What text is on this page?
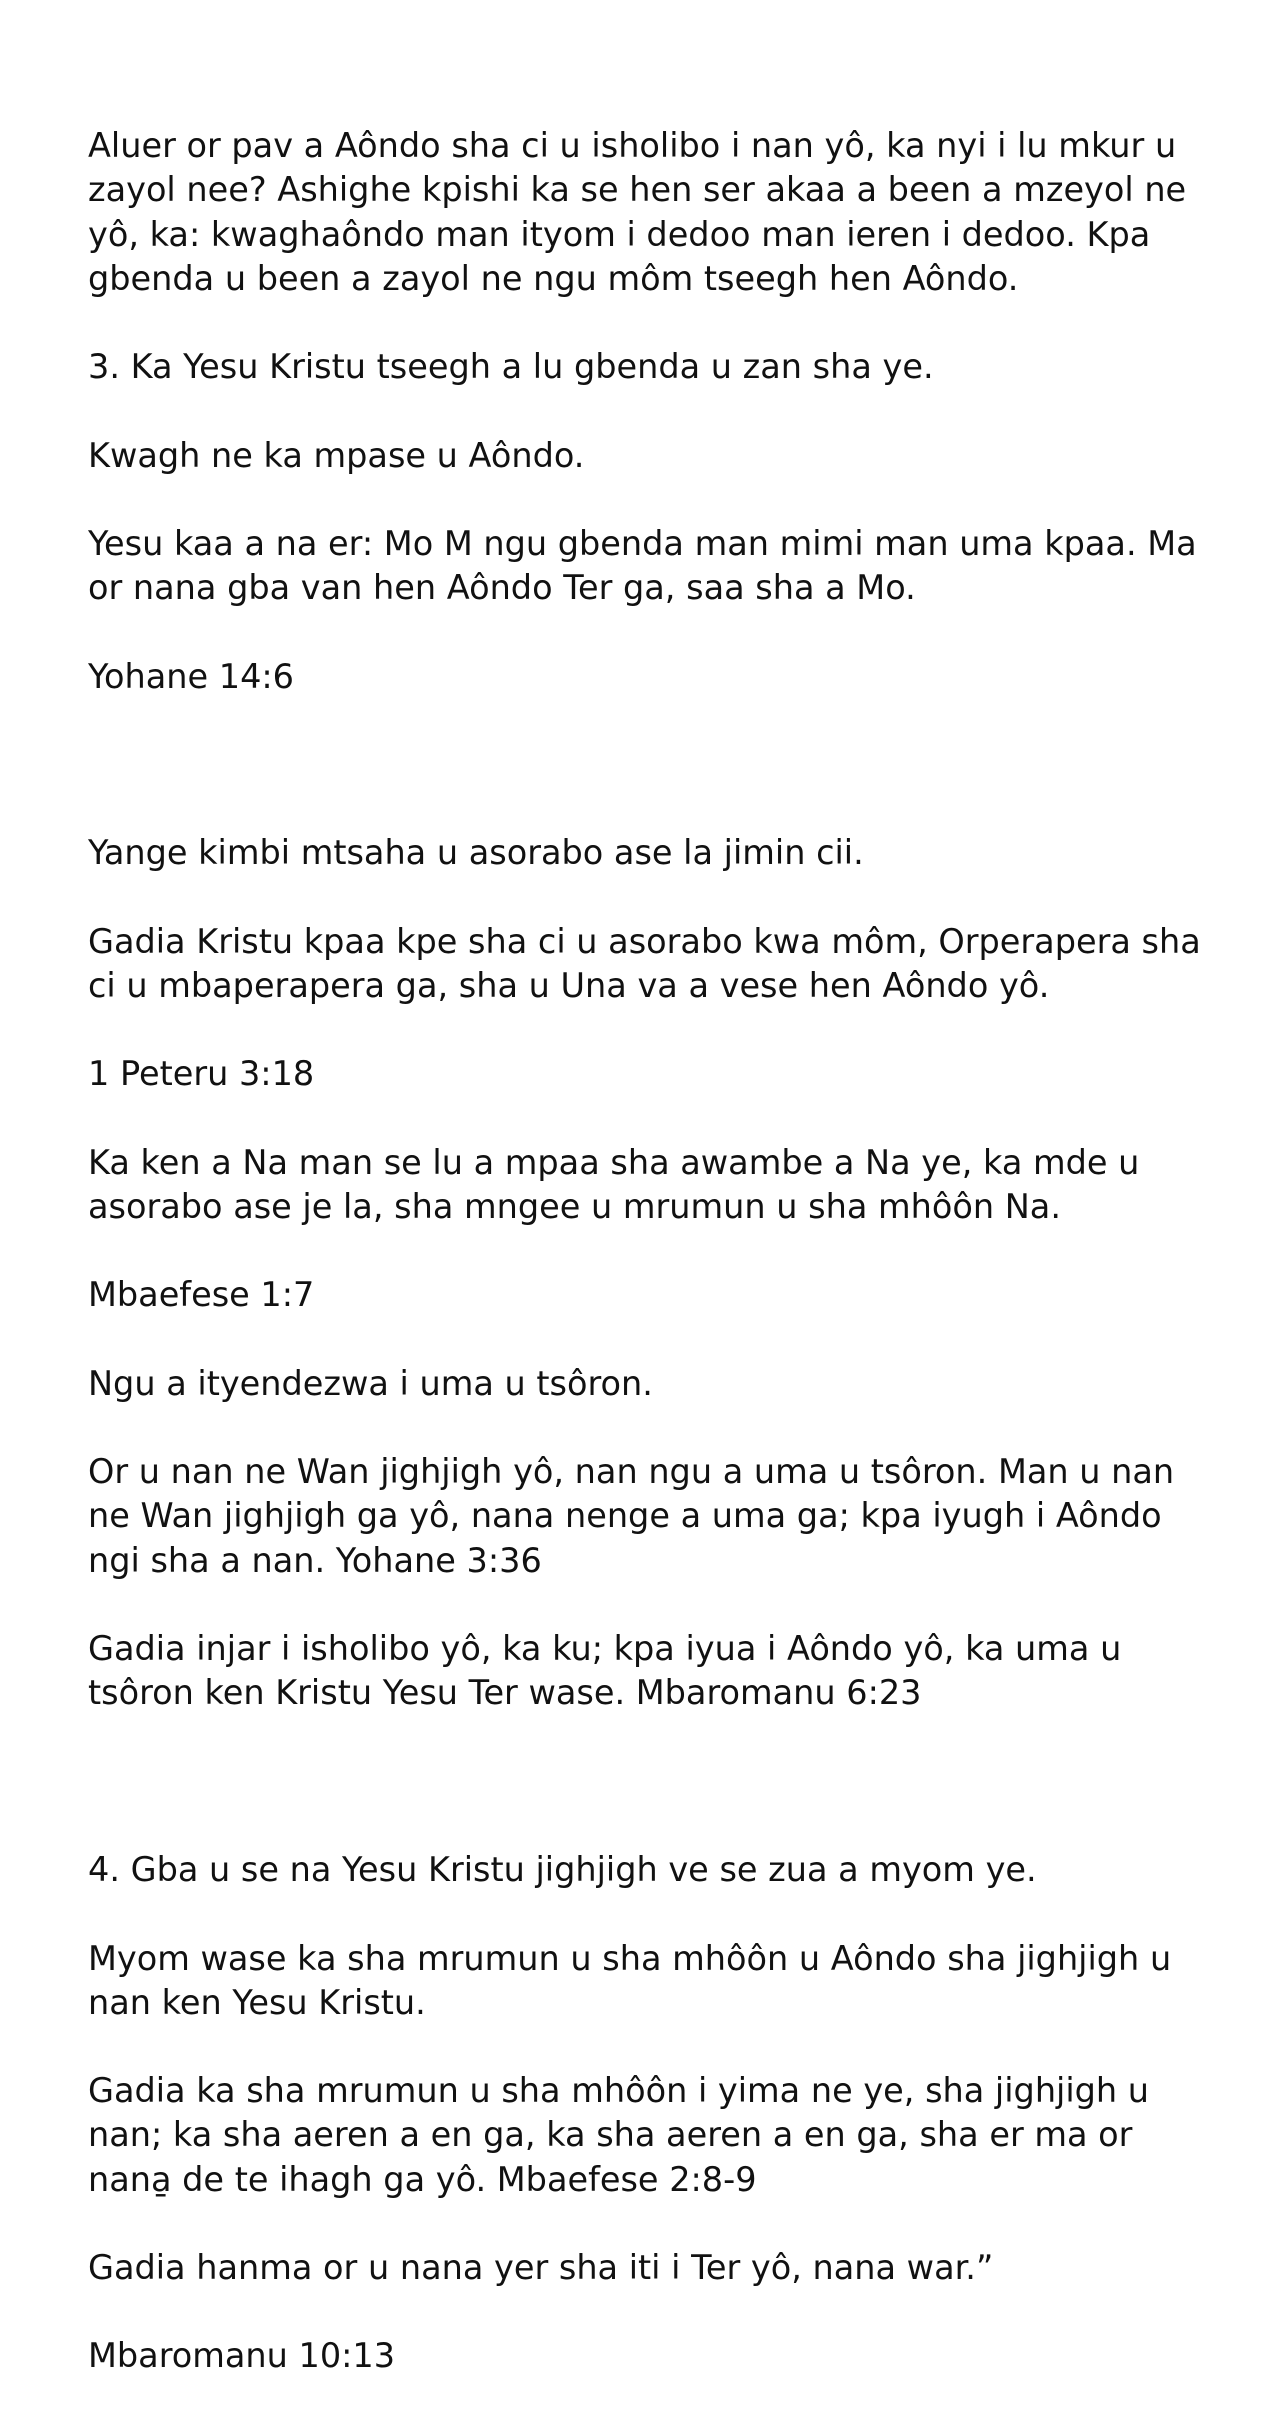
Aluer or pav a Aôndo sha ci u isholibo i nan yô, ka nyi i lu mkur u zayol nee? Ashighe kpishi ka se hen ser akaa a been a mzeyol ne yô, ka: kwaghaôndo man ityom i dedoo man ieren i dedoo. Kpa gbenda u been a zayol ne ngu môm tseegh hen Aôndo.

3. Ka Yesu Kristu tseegh a lu gbenda u zan sha ye.

Kwagh ne ka mpase u Aôndo.

Yesu kaa a na er: Mo M ngu gbenda man mimi man uma kpaa. Ma or nana gba van hen Aôndo Ter ga, saa sha a Mo.

Yohane 14:6

Yange kimbi mtsaha u asorabo ase la jimin cii.

Gadia Kristu kpaa kpe sha ci u asorabo kwa môm, Orperapera sha ci u mbaperapera ga, sha u Una va a vese hen Aôndo yô.

1 Peteru 3:18

Ka ken a Na man se lu a mpaa sha awambe a Na ye, ka mde u asorabo ase je la, sha mngee u mrumun u sha mhôôn Na.

Mbaefese 1:7

Ngu a ityendezwa i uma u tsôron.

Or u nan ne Wan jighjigh yô, nan ngu a uma u tsôron. Man u nan ne Wan jighjigh ga yô, nana nenge a uma ga; kpa iyugh i Aôndo ngi sha a nan. Yohane 3:36

Gadia injar i isholibo yô, ka ku; kpa iyua i Aôndo yô, ka uma u tsôron ken Kristu Yesu Ter wase. Mbaromanu 6:23

4. Gba u se na Yesu Kristu jighjigh ve se zua a myom ye.

Myom wase ka sha mrumun u sha mhôôn u Aôndo sha jighjigh u nan ken Yesu Kristu.

Gadia ka sha mrumun u sha mhôôn i yima ne ye, sha jighjigh u nan; ka sha aeren a en ga, ka sha aeren a en ga, sha er ma or nana̱ de te ihagh ga yô. Mbaefese 2:8-9

Gadia hanma or u nana yer sha iti i Ter yô, nana war.”

Mbaromanu 10:13
